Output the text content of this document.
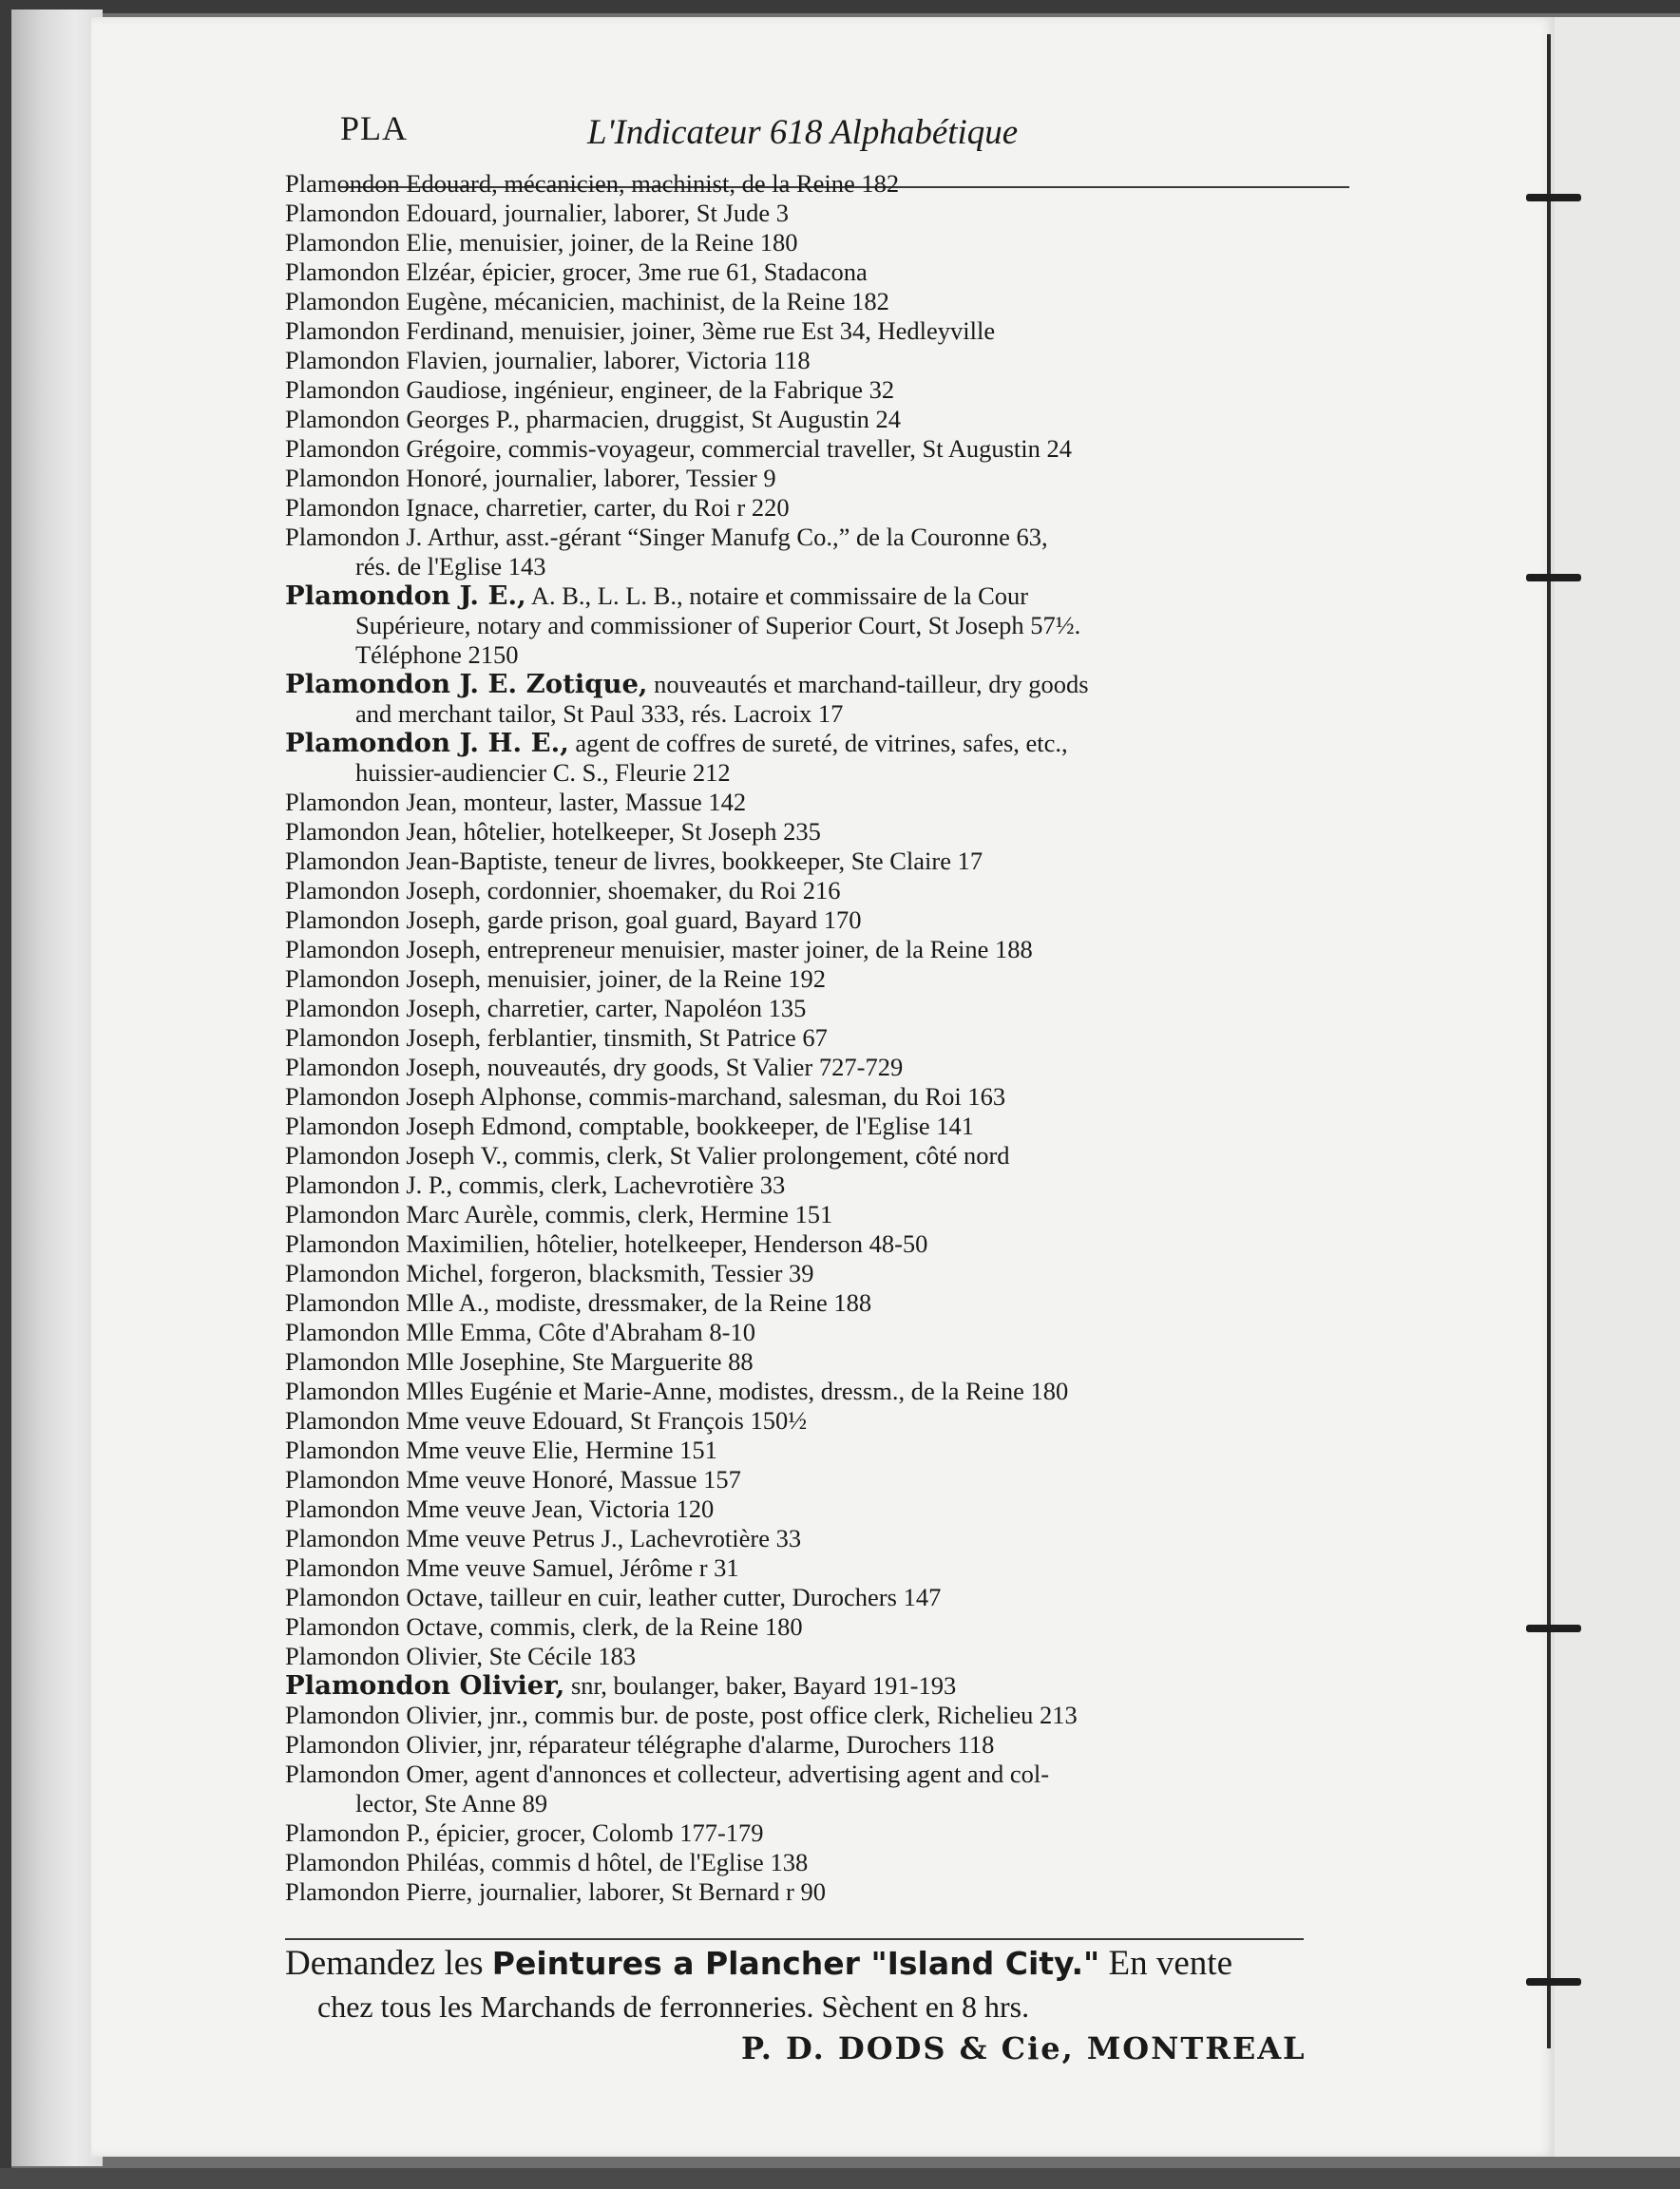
PLA	L'Indicateur 618 Alphabétique
Plamondon Edouard, mécanicien, machinist, de la Reine 182
Plamondon Edouard, journalier, laborer, St Jude 3
Plamondon Elie, menuisier, joiner, de la Reine 180
Plamondon Elzéar, épicier, grocer, 3me rue 61, Stadacona
Plamondon Eugène, mécanicien, machinist, de la Reine 182
Plamondon Ferdinand, menuisier, joiner, 3ème rue Est 34, Hedleyville
Plamondon Flavien, journalier, laborer, Victoria 118
Plamondon Gaudiose, ingénieur, engineer, de la Fabrique 32
Plamondon Georges P., pharmacien, druggist, St Augustin 24
Plamondon Grégoire, commis-voyageur, commercial traveller, St Augustin 24
Plamondon Honoré, journalier, laborer, Tessier 9
Plamondon Ignace, charretier, carter, du Roi r 220
Plamondon J. Arthur, asst.-gérant “Singer Manufg Co.,” de la Couronne 63,
rés. de l'Eglise 143
Plamondon J. E., A. B., L. L. B., notaire et commissaire de la Cour
Supérieure, notary and commissioner of Superior Court, St Joseph 57½.
Téléphone 2150
Plamondon J. E. Zotique, nouveautés et marchand-tailleur, dry goods
and merchant tailor, St Paul 333, rés. Lacroix 17
Plamondon J. H. E., agent de coffres de sureté, de vitrines, safes, etc.,
huissier-audiencier C. S., Fleurie 212
Plamondon Jean, monteur, laster, Massue 142
Plamondon Jean, hôtelier, hotelkeeper, St Joseph 235
Plamondon Jean-Baptiste, teneur de livres, bookkeeper, Ste Claire 17
Plamondon Joseph, cordonnier, shoemaker, du Roi 216
Plamondon Joseph, garde prison, goal guard, Bayard 170
Plamondon Joseph, entrepreneur menuisier, master joiner, de la Reine 188
Plamondon Joseph, menuisier, joiner, de la Reine 192
Plamondon Joseph, charretier, carter, Napoléon 135
Plamondon Joseph, ferblantier, tinsmith, St Patrice 67
Plamondon Joseph, nouveautés, dry goods, St Valier 727-729
Plamondon Joseph Alphonse, commis-marchand, salesman, du Roi 163
Plamondon Joseph Edmond, comptable, bookkeeper, de l'Eglise 141
Plamondon Joseph V., commis, clerk, St Valier prolongement, côté nord
Plamondon J. P., commis, clerk, Lachevrotière 33
Plamondon Marc Aurèle, commis, clerk, Hermine 151
Plamondon Maximilien, hôtelier, hotelkeeper, Henderson 48-50
Plamondon Michel, forgeron, blacksmith, Tessier 39
Plamondon Mlle A., modiste, dressmaker, de la Reine 188
Plamondon Mlle Emma, Côte d'Abraham 8-10
Plamondon Mlle Josephine, Ste Marguerite 88
Plamondon Mlles Eugénie et Marie-Anne, modistes, dressm., de la Reine 180
Plamondon Mme veuve Edouard, St François 150½
Plamondon Mme veuve Elie, Hermine 151
Plamondon Mme veuve Honoré, Massue 157
Plamondon Mme veuve Jean, Victoria 120
Plamondon Mme veuve Petrus J., Lachevrotière 33
Plamondon Mme veuve Samuel, Jérôme r 31
Plamondon Octave, tailleur en cuir, leather cutter, Durochers 147
Plamondon Octave, commis, clerk, de la Reine 180
Plamondon Olivier, Ste Cécile 183
Plamondon Olivier, snr, boulanger, baker, Bayard 191-193
Plamondon Olivier, jnr., commis bur. de poste, post office clerk, Richelieu 213
Plamondon Olivier, jnr, réparateur télégraphe d'alarme, Durochers 118
Plamondon Omer, agent d'annonces et collecteur, advertising agent and col-
lector, Ste Anne 89
Plamondon P., épicier, grocer, Colomb 177-179
Plamondon Philéas, commis d hôtel, de l'Eglise 138
Plamondon Pierre, journalier, laborer, St Bernard r 90
Demandez les Peintures a Plancher "Island City." En vente
chez tous les Marchands de ferronneries. Sèchent en 8 hrs.
P. D. DODS & Cie, MONTREAL
